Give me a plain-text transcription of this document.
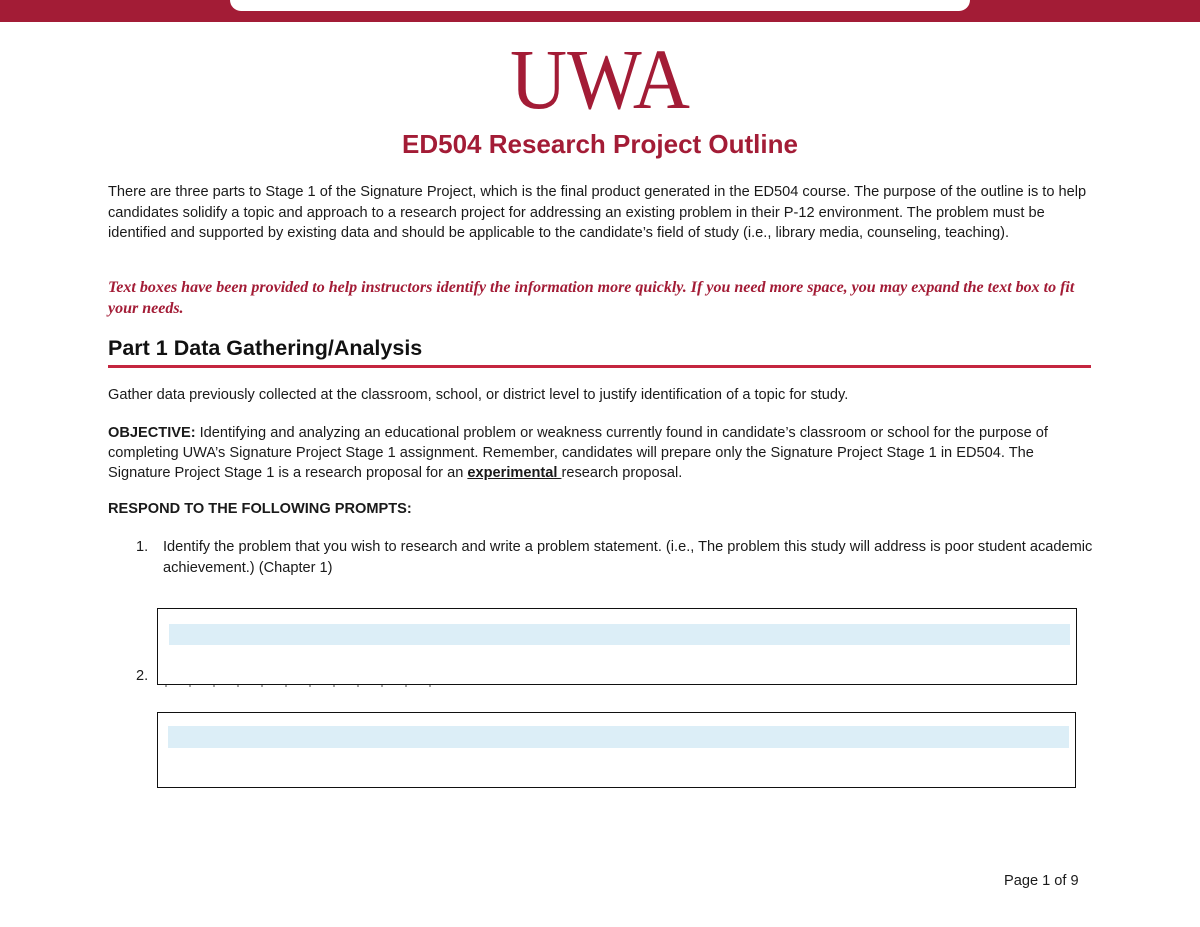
UWA
ED504 Research Project Outline
There are three parts to Stage 1 of the Signature Project, which is the final product generated in the ED504 course. The purpose of the outline is to help candidates solidify a topic and approach to a research project for addressing an existing problem in their P-12 environment. The problem must be identified and supported by existing data and should be applicable to the candidate’s field of study (i.e., library media, counseling, teaching).
Text boxes have been provided to help instructors identify the information more quickly. If you need more space, you may expand the text box to fit your needs.
Part 1 Data Gathering/Analysis
Gather data previously collected at the classroom, school, or district level to justify identification of a topic for study.
OBJECTIVE: Identifying and analyzing an educational problem or weakness currently found in candidate’s classroom or school for the purpose of completing UWA’s Signature Project Stage 1 assignment. Remember, candidates will prepare only the Signature Project Stage 1 in ED504. The Signature Project Stage 1 is a research proposal for an experimental research proposal.
RESPOND TO THE FOLLOWING PROMPTS:
1. Identify the problem that you wish to research and write a problem statement. (i.e., The problem this study will address is poor student academic achievement.) (Chapter 1)
2.
Page 1 of 9
